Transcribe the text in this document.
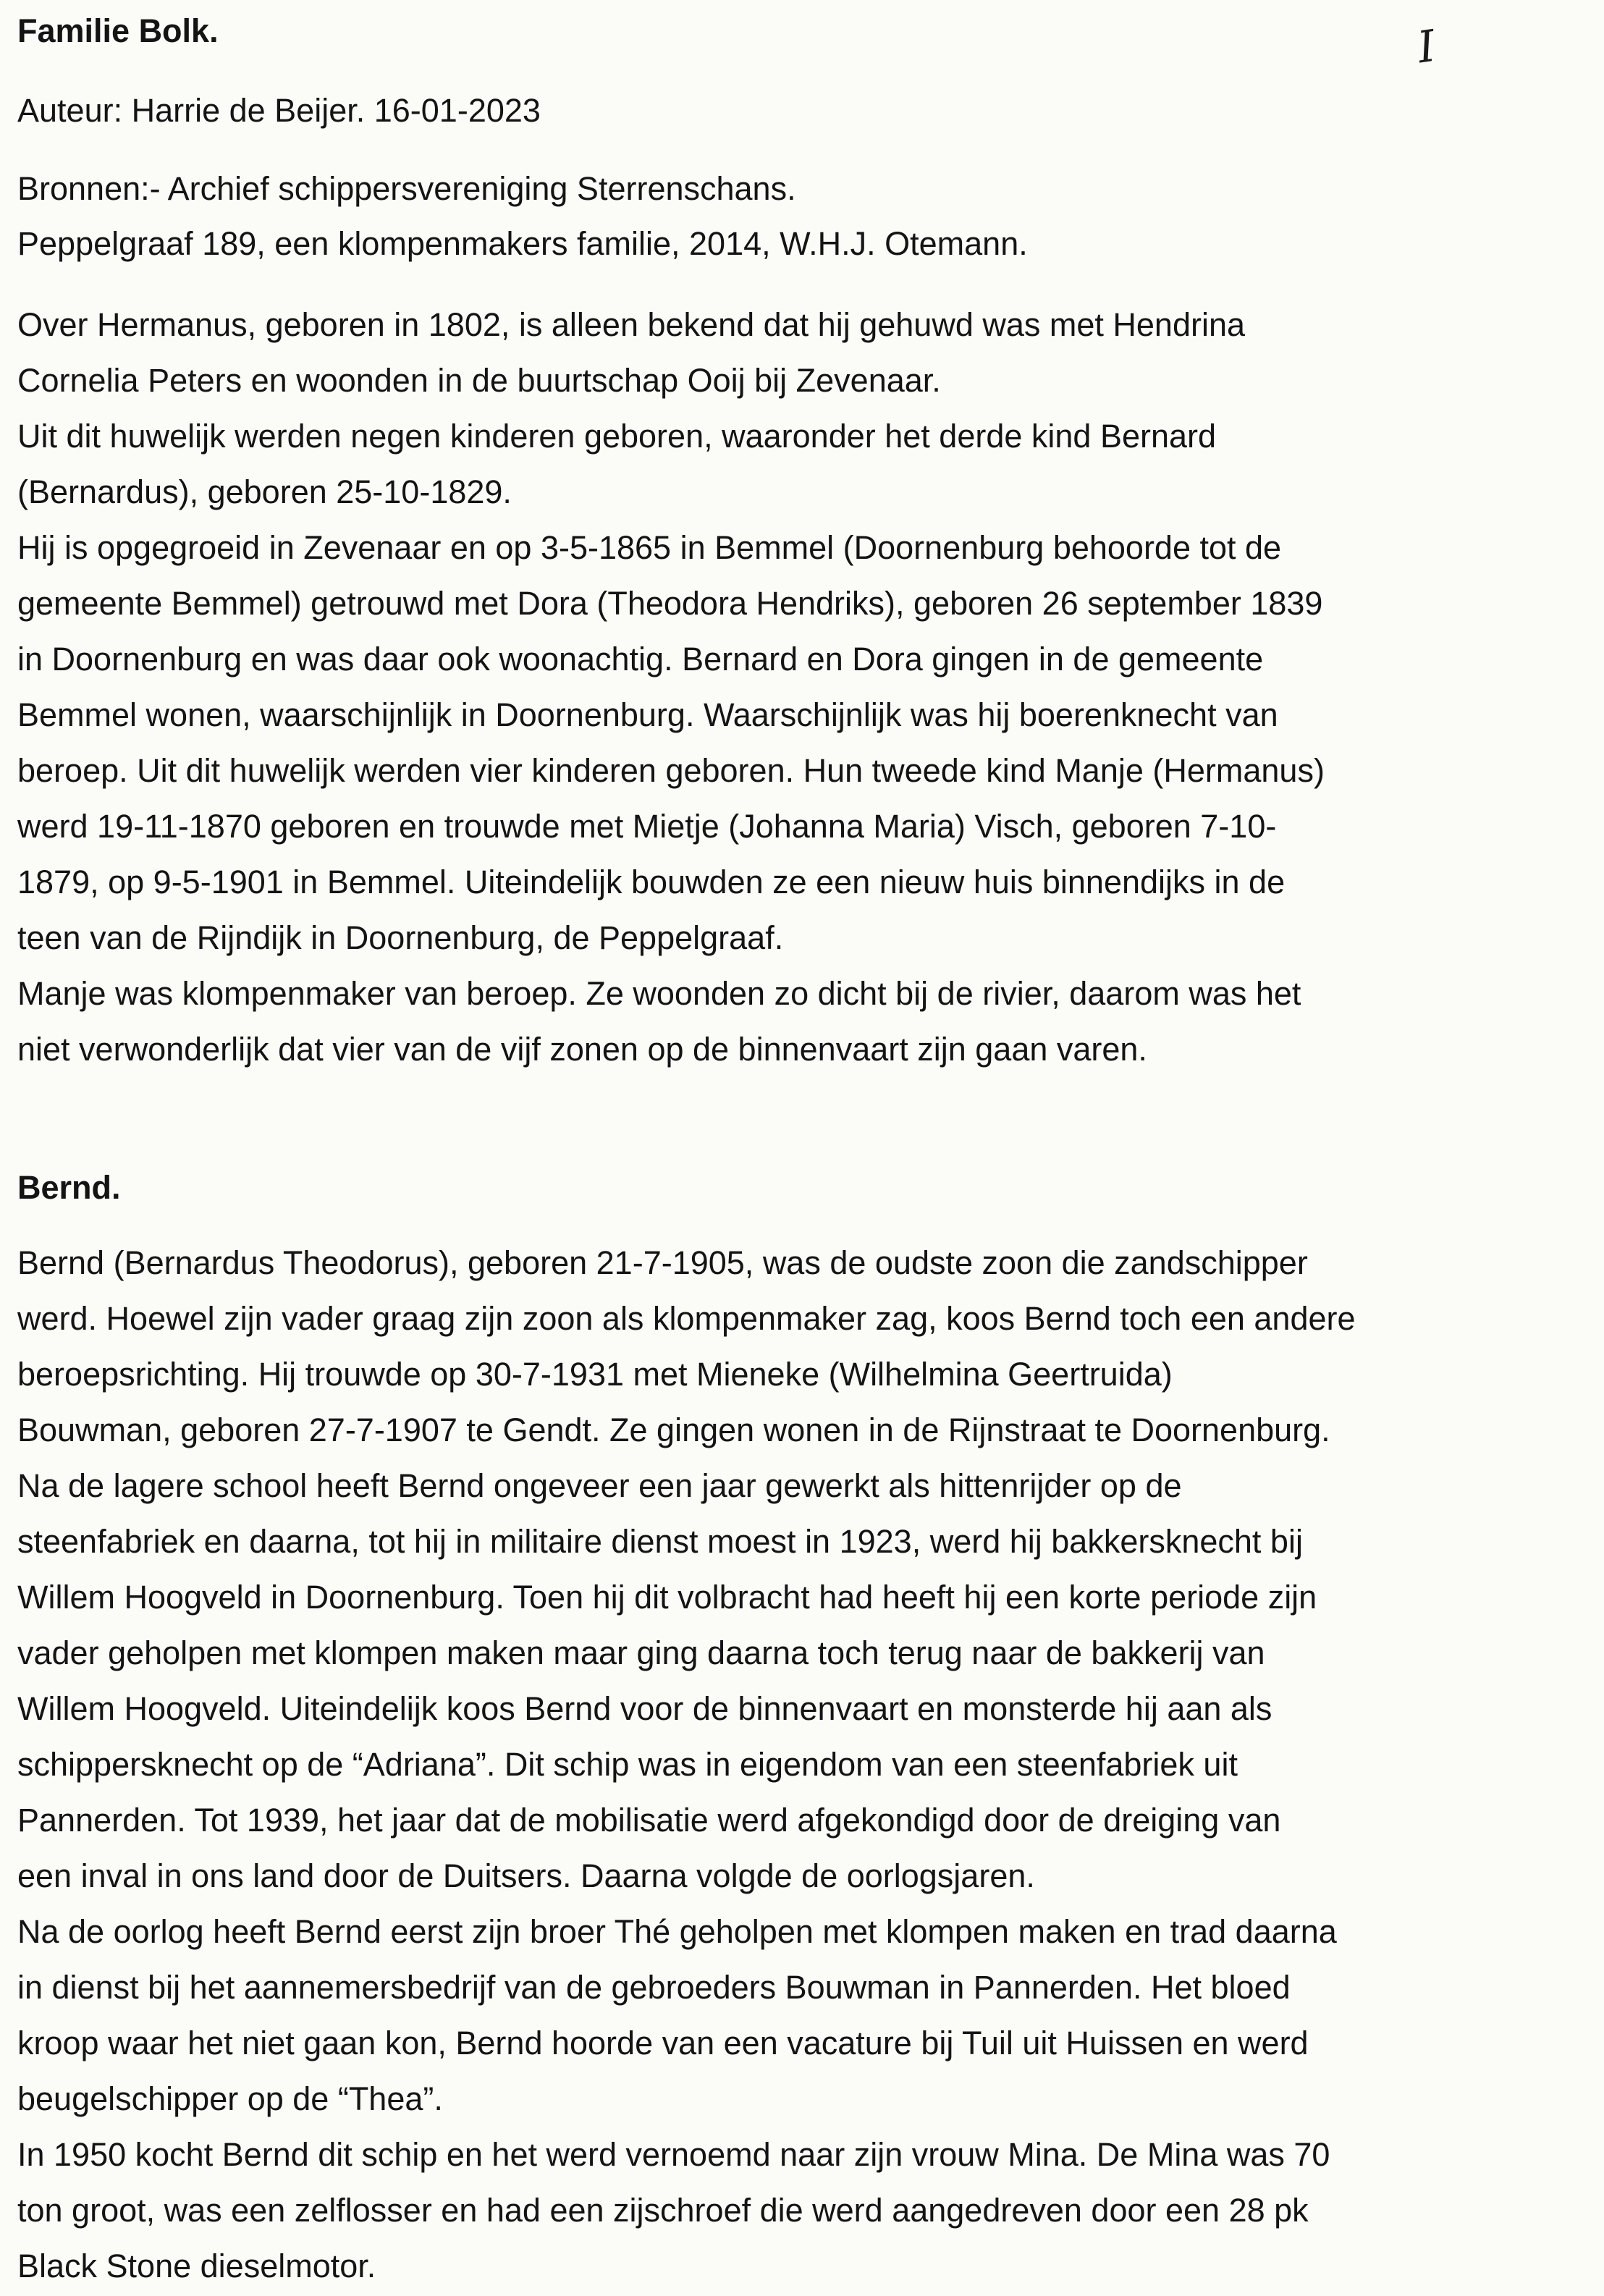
I
Familie Bolk.

Auteur: Harrie de Beijer. 16-01-2023

Bronnen:- Archief schippersvereniging Sterrenschans.

Peppelgraaf 189, een klompenmakers familie, 2014, W.H.J. Otemann.

Over Hermanus, geboren in 1802, is alleen bekend dat hij gehuwd was met Hendrina
Cornelia Peters en woonden in de buurtschap Ooij bij Zevenaar.
Uit dit huwelijk werden negen kinderen geboren, waaronder het derde kind Bernard
(Bernardus), geboren 25-10-1829.
Hij is opgegroeid in Zevenaar en op 3-5-1865 in Bemmel (Doornenburg behoorde tot de
gemeente Bemmel) getrouwd met Dora (Theodora Hendriks), geboren 26 september 1839
in Doornenburg en was daar ook woonachtig. Bernard en Dora gingen in de gemeente
Bemmel wonen, waarschijnlijk in Doornenburg. Waarschijnlijk was hij boerenknecht van
beroep. Uit dit huwelijk werden vier kinderen geboren. Hun tweede kind Manje (Hermanus)
werd 19-11-1870 geboren en trouwde met Mietje (Johanna Maria) Visch, geboren 7-10-
1879, op 9-5-1901 in Bemmel. Uiteindelijk bouwden ze een nieuw huis binnendijks in de
teen van de Rijndijk in Doornenburg, de Peppelgraaf.
Manje was klompenmaker van beroep. Ze woonden zo dicht bij de rivier, daarom was het
niet verwonderlijk dat vier van de vijf zonen op de binnenvaart zijn gaan varen.
Bernd.
Bernd (Bernardus Theodorus), geboren 21-7-1905, was de oudste zoon die zandschipper
werd. Hoewel zijn vader graag zijn zoon als klompenmaker zag, koos Bernd toch een andere
beroepsrichting. Hij trouwde op 30-7-1931 met Mieneke (Wilhelmina Geertruida)
Bouwman, geboren 27-7-1907 te Gendt. Ze gingen wonen in de Rijnstraat te Doornenburg.
Na de lagere school heeft Bernd ongeveer een jaar gewerkt als hittenrijder op de
steenfabriek en daarna, tot hij in militaire dienst moest in 1923, werd hij bakkersknecht bij
Willem Hoogveld in Doornenburg. Toen hij dit volbracht had heeft hij een korte periode zijn
vader geholpen met klompen maken maar ging daarna toch terug naar de bakkerij van
Willem Hoogveld. Uiteindelijk koos Bernd voor de binnenvaart en monsterde hij aan als
schippersknecht op de “Adriana”. Dit schip was in eigendom van een steenfabriek uit
Pannerden. Tot 1939, het jaar dat de mobilisatie werd afgekondigd door de dreiging van
een inval in ons land door de Duitsers. Daarna volgde de oorlogsjaren.
Na de oorlog heeft Bernd eerst zijn broer Thé geholpen met klompen maken en trad daarna
in dienst bij het aannemersbedrijf van de gebroeders Bouwman in Pannerden. Het bloed
kroop waar het niet gaan kon, Bernd hoorde van een vacature bij Tuil uit Huissen en werd
beugelschipper op de “Thea”.
In 1950 kocht Bernd dit schip en het werd vernoemd naar zijn vrouw Mina. De Mina was 70
ton groot, was een zelflosser en had een zijschroef die werd aangedreven door een 28 pk
Black Stone dieselmotor.
